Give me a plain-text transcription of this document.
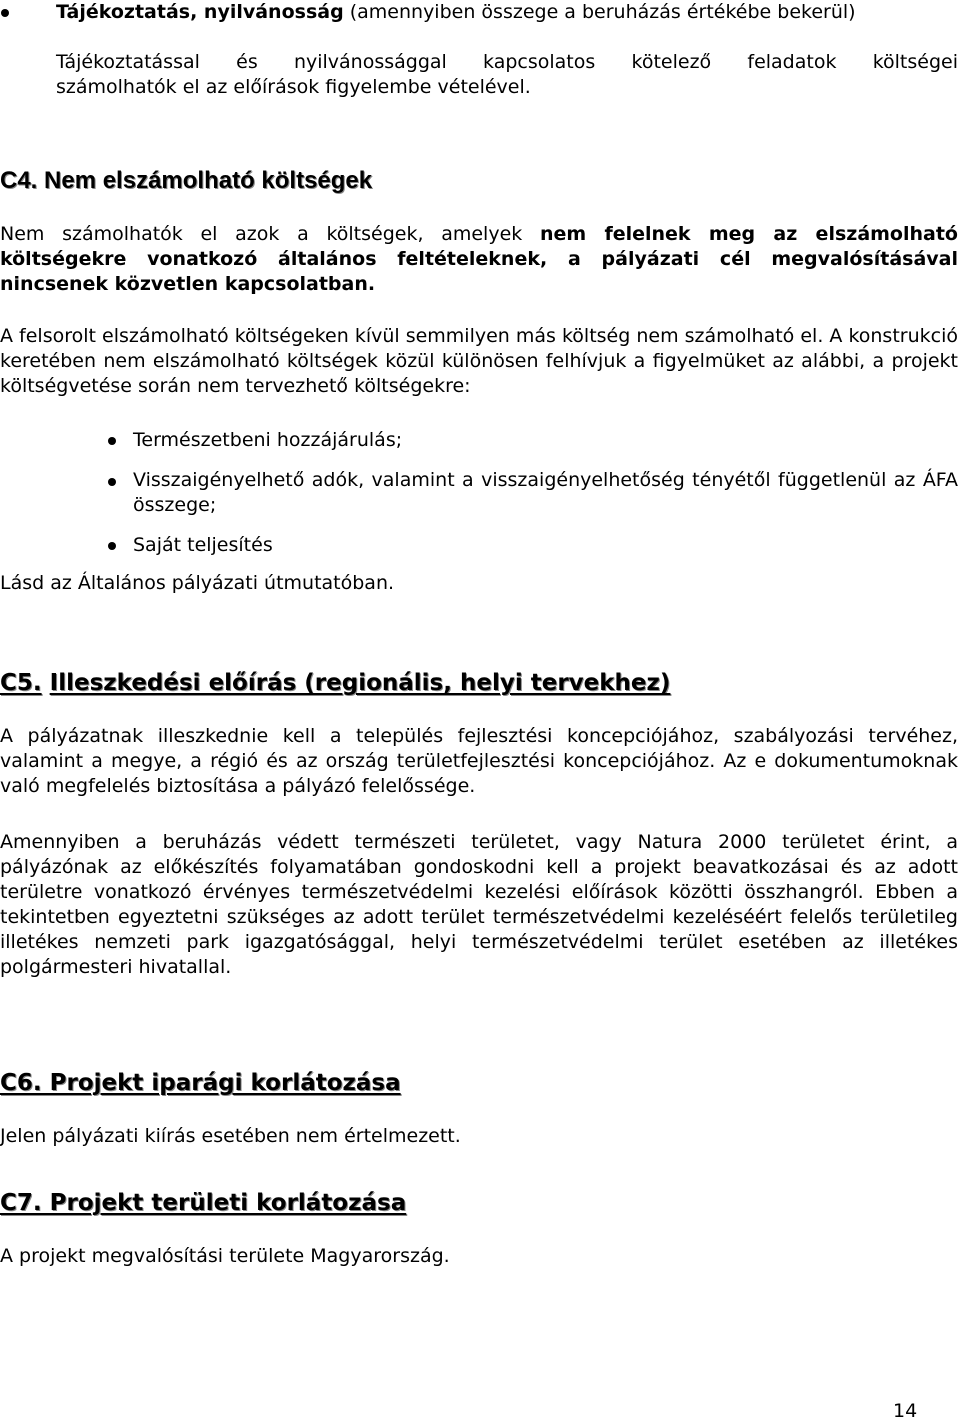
Tájékoztatás, nyilvánosság (amennyiben összege a beruházás értékébe bekerül)

Tájékoztatással és nyilvánossággal kapcsolatos kötelező feladatok költségei

számolhatók el az előírások figyelembe vételével.

C4. Nem elszámolható költségek

Nem számolhatók el azok a költségek, amelyek nem felelnek meg az elszámolható költségekre vonatkozó általános feltételeknek, a pályázati cél megvalósításával nincsenek közvetlen kapcsolatban.

A felsorolt elszámolható költségeken kívül semmilyen más költség nem számolható el. A konstrukció keretében nem elszámolható költségek közül különösen felhívjuk a figyelmüket az alábbi, a projekt költségvetése során nem tervezhető költségekre:

Természetbeni hozzájárulás;

Visszaigényelhető adók, valamint a visszaigényelhetőség tényétől függetlenül az ÁFA összege;

Saját teljesítés

Lásd az Általános pályázati útmutatóban.

C5. Illeszkedési előírás (regionális, helyi tervekhez)

A pályázatnak illeszkednie kell a település fejlesztési koncepciójához, szabályozási tervéhez, valamint a megye, a régió és az ország területfejlesztési koncepciójához. Az e dokumentumoknak való megfelelés biztosítása a pályázó felelőssége.

Amennyiben a beruházás védett természeti területet, vagy Natura 2000 területet érint, a pályázónak az előkészítés folyamatában gondoskodni kell a projekt beavatkozásai és az adott területre vonatkozó érvényes természetvédelmi kezelési előírások közötti összhangról. Ebben a tekintetben egyeztetni szükséges az adott terület természetvédelmi kezeléséért felelős területileg illetékes nemzeti park igazgatósággal, helyi természetvédelmi terület esetében az illetékes polgármesteri hivatallal.

C6. Projekt iparági korlátozása

Jelen pályázati kiírás esetében nem értelmezett.

C7. Projekt területi korlátozása

A projekt megvalósítási területe Magyarország.

14
